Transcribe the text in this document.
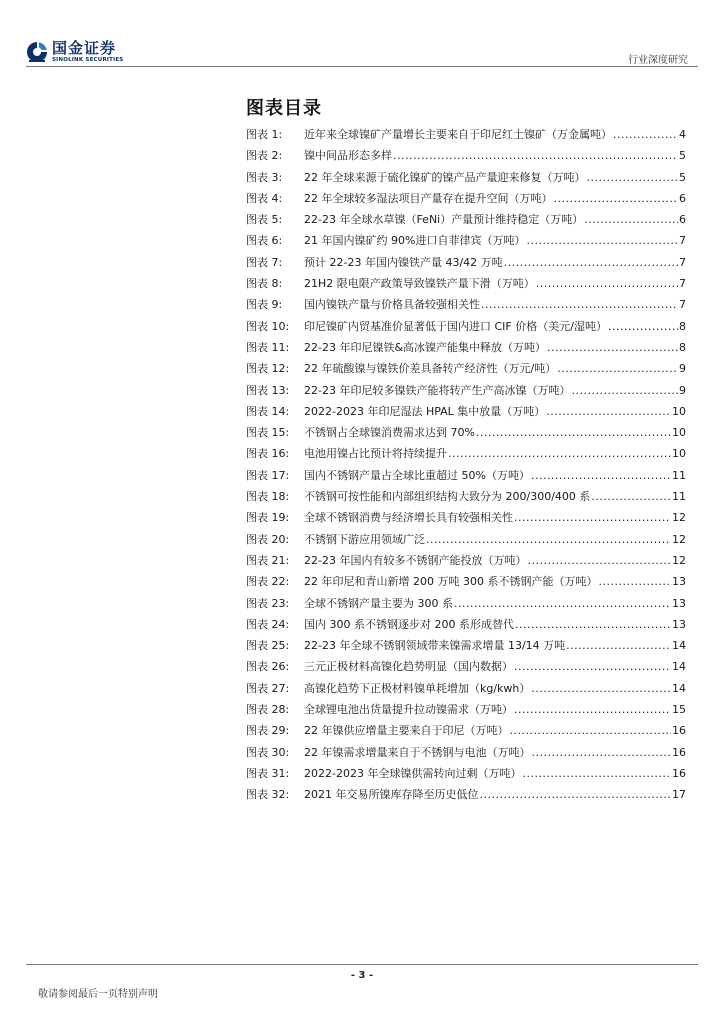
国金证券
SINOLINK SECURITIES	行业深度研究
图表目录
图表 1:	近年来全球镍矿产量增长主要来自于印尼红土镍矿（万金属吨） .....	4
图表 2:	镍中间品形态多样 .....	5
图表 3:	22 年全球来源于硫化镍矿的镍产品产量迎来修复（万吨） .....	5
图表 4:	22 年全球较多湿法项目产量存在提升空间（万吨） .....	6
图表 5:	22-23 年全球水草镍（FeNi）产量预计维持稳定（万吨） .....	6
图表 6:	21 年国内镍矿约 90%进口自菲律宾（万吨） .....	7
图表 7:	预计 22-23 年国内镍铁产量 43/42 万吨 .....	7
图表 8:	21H2 限电限产政策导致镍铁产量下滑（万吨） .....	7
图表 9:	国内镍铁产量与价格具备较强相关性 .....	7
图表 10:	印尼镍矿内贸基准价显著低于国内进口 CIF 价格（美元/湿吨） .....	8
图表 11:	22-23 年印尼镍铁&高冰镍产能集中释放（万吨） .....	8
图表 12:	22 年硫酸镍与镍铁价差具备转产经济性（万元/吨） .....	9
图表 13:	22-23 年印尼较多镍铁产能将转产生产高冰镍（万吨） .....	9
图表 14:	2022-2023 年印尼湿法 HPAL 集中放量（万吨） .....	10
图表 15:	不锈钢占全球镍消费需求达到 70% .....	10
图表 16:	电池用镍占比预计将持续提升 .....	10
图表 17:	国内不锈钢产量占全球比重超过 50%（万吨） .....	11
图表 18:	不锈钢可按性能和内部组织结构大致分为 200/300/400 系 .....	11
图表 19:	全球不锈钢消费与经济增长具有较强相关性 .....	12
图表 20:	不锈钢下游应用领域广泛 .....	12
图表 21:	22-23 年国内有较多不锈钢产能投放（万吨） .....	12
图表 22:	22 年印尼和青山新增 200 万吨 300 系不锈钢产能（万吨） .....	13
图表 23:	全球不锈钢产量主要为 300 系 .....	13
图表 24:	国内 300 系不锈钢逐步对 200 系形成替代 .....	13
图表 25:	22-23 年全球不锈钢领域带来镍需求增量 13/14 万吨 .....	14
图表 26:	三元正极材料高镍化趋势明显（国内数据） .....	14
图表 27:	高镍化趋势下正极材料镍单耗增加（kg/kwh） .....	14
图表 28:	全球锂电池出货量提升拉动镍需求（万吨） .....	15
图表 29:	22 年镍供应增量主要来自于印尼（万吨） .....	16
图表 30:	22 年镍需求增量来自于不锈钢与电池（万吨） .....	16
图表 31:	2022-2023 年全球镍供需转向过剩（万吨） .....	16
图表 32:	2021 年交易所镍库存降至历史低位 .....	17
- 3 -
敬请参阅最后一页特别声明
